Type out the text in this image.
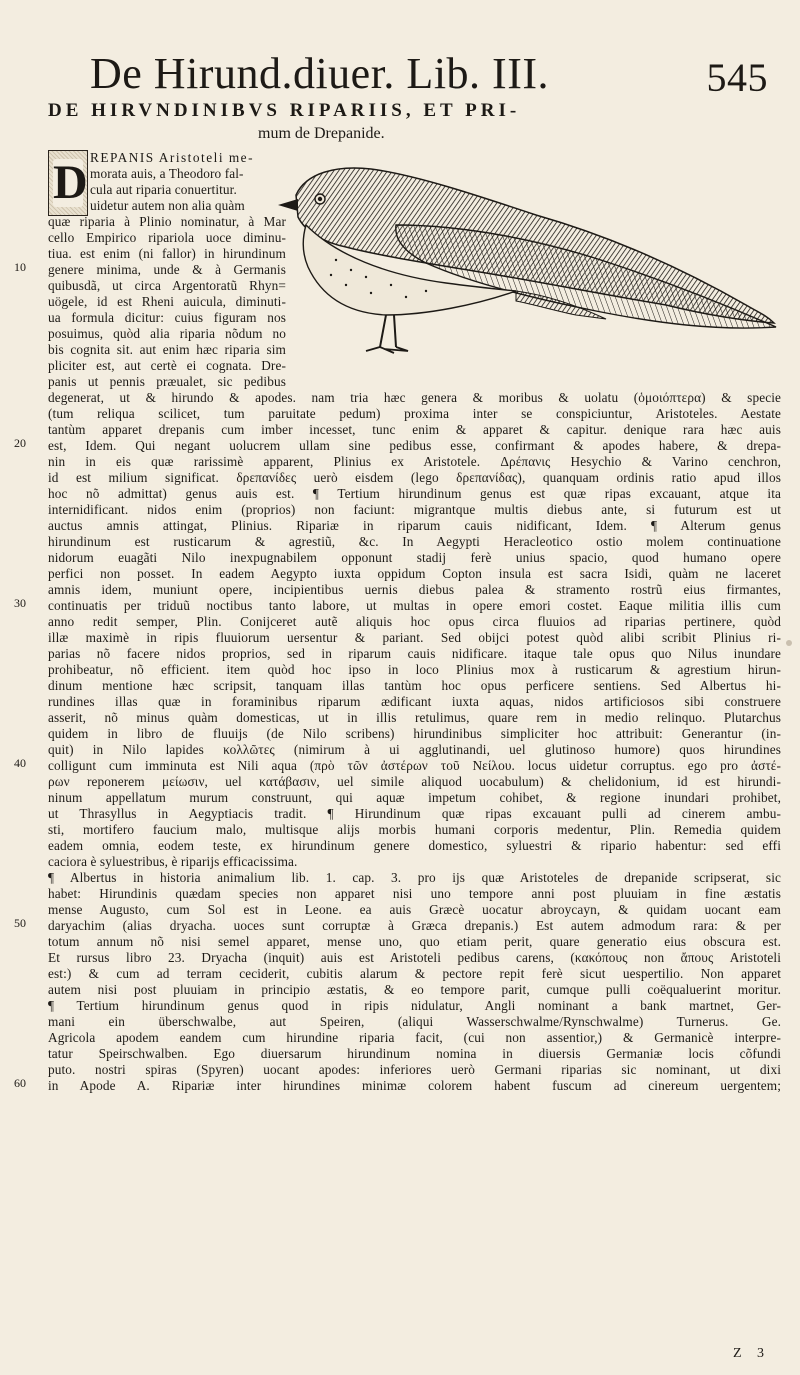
De Hirund.diuer. Lib. III.	545
DE HIRVNDINIBVS RIPARIIS, ET PRI-
mum de Drepanide.
D
10
20
30
40
50
60
REPANIS Aristoteli me-
morata auis, a Theodoro fal-
cula aut riparia conuertitur.
uidetur autem non alia quàm
quæ riparia à Plinio nominatur, à Mar
cello Empirico ripariola uoce diminu-
tiua. est enim (ni fallor) in hirundinum
genere minima, unde & à Germanis
quibusdã, ut circa Argentoratũ Rhyn=
uögele, id est Rheni auicula, diminuti-
ua formula dicitur: cuius figuram nos
posuimus, quòd alia riparia nõdum no
bis cognita sit. aut enim hæc riparia sim
pliciter est, aut certè ei cognata. Dre-
panis ut pennis præualet, sic pedibus
degenerat, ut & hirundo & apodes. nam tria hæc genera & moribus & uolatu (ὁμοιόπτερα) & specie
(tum reliqua scilicet, tum paruitate pedum) proxima inter se conspiciuntur, Aristoteles. Aestate
tantùm apparet drepanis cum imber incesset, tunc enim & apparet & capitur. denique rara hæc auis
est, Idem. Qui negant uolucrem ullam sine pedibus esse, confirmant & apodes habere, & drepa-
nin in eis quæ rarissimè apparent, Plinius ex Aristotele. Δρέπανις Hesychio & Varino cenchron,
id est milium significat. δρεπανίδες uerò eisdem (lego δρεπανίδας), quanquam ordinis ratio apud illos
hoc nõ admittat) genus auis est. ¶ Tertium hirundinum genus est quæ ripas excauant, atque ita
internidificant. nidos enim (proprios) non faciunt: migrantque multis diebus ante, si futurum est ut
auctus amnis attingat, Plinius. Ripariæ in riparum cauis nidificant, Idem. ¶ Alterum genus
hirundinum est rusticarum & agrestiũ, &c. In Aegypti Heracleotico ostio molem continuatione
nidorum euagãti Nilo inexpugnabilem opponunt stadij ferè unius spacio, quod humano opere
perfici non posset. In eadem Aegypto iuxta oppidum Copton insula est sacra Isidi, quàm ne laceret
amnis idem, muniunt opere, incipientibus uernis diebus palea & stramento rostrũ eius firmantes,
continuatis per triduũ noctibus tanto labore, ut multas in opere emori costet. Eaque militia illis cum
anno redit semper, Plin. Conijceret autẽ aliquis hoc opus circa fluuios ad riparias pertinere, quòd
illæ maximè in ripis fluuiorum uersentur & pariant. Sed obijci potest quòd alibi scribit Plinius ri-
parias nõ facere nidos proprios, sed in riparum cauis nidificare. itaque tale opus quo Nilus inundare
prohibeatur, nõ efficient. item quòd hoc ipso in loco Plinius mox à rusticarum & agrestium hirun-
dinum mentione hæc scripsit, tanquam illas tantùm hoc opus perficere sentiens. Sed Albertus hi-
rundines illas quæ in foraminibus riparum ædificant iuxta aquas, nidos artificiosos sibi construere
asserit, nõ minus quàm domesticas, ut in illis retulimus, quare rem in medio relinquo. Plutarchus
quidem in libro de fluuijs (de Nilo scribens) hirundinibus simpliciter hoc attribuit: Generantur (in-
quit) in Nilo lapides κολλῶτες (nimirum à ui agglutinandi, uel glutinoso humore) quos hirundines
colligunt cum imminuta est Nili aqua (πρὸ τῶν ἀστέρων τοῦ Νείλου. locus uidetur corruptus. ego pro ἀστέ-
ρων reponerem μείωσιν, uel κατάβασιν, uel simile aliquod uocabulum) & chelidonium, id est hirundi-
ninum appellatum murum construunt, qui aquæ impetum cohibet, & regione inundari prohibet,
ut Thrasyllus in Aegyptiacis tradit. ¶ Hirundinum quæ ripas excauant pulli ad cinerem ambu-
sti, mortifero faucium malo, multisque alijs morbis humani corporis medentur, Plin. Remedia quidem
eadem omnia, eodem teste, ex hirundinum genere domestico, syluestri & ripario habentur: sed effi
caciora è syluestribus, è riparijs efficacissima.
¶ Albertus in historia animalium lib. 1. cap. 3. pro ijs quæ Aristoteles de drepanide scripserat, sic
habet: Hirundinis quædam species non apparet nisi uno tempore anni post pluuiam in fine æstatis
mense Augusto, cum Sol est in Leone. ea auis Græcè uocatur abroycayn, & quidam uocant eam
daryachim (alias dryacha. uoces sunt corruptæ à Græca drepanis.) Est autem admodum rara: & per
totum annum nõ nisi semel apparet, mense uno, quo etiam perit, quare generatio eius obscura est.
Et rursus libro 23. Dryacha (inquit) auis est Aristoteli pedibus carens, (κακόπους non ἄπους Aristoteli
est:) & cum ad terram ceciderit, cubitis alarum & pectore repit ferè sicut uespertilio. Non apparet
autem nisi post pluuiam in principio æstatis, & eo tempore parit, cumque pulli coëqualuerint moritur.
¶ Tertium hirundinum genus quod in ripis nidulatur, Angli nominant a bank martnet, Ger-
mani ein überschwalbe, aut Speiren, (aliqui Wasserschwalme/Rynschwalme) Turnerus. Ge.
Agricola apodem eandem cum hirundine riparia facit, (cui non assentior,) & Germanicè interpre-
tatur Speirschwalben. Ego diuersarum hirundinum nomina in diuersis Germaniæ locis cõfundi
puto. nostri spiras (Spyren) uocant apodes: inferiores uerò Germani riparias sic nominant, ut dixi
in Apode A. Ripariæ inter hirundines minimæ colorem habent fuscum ad cinereum uergentem;
Z 3
